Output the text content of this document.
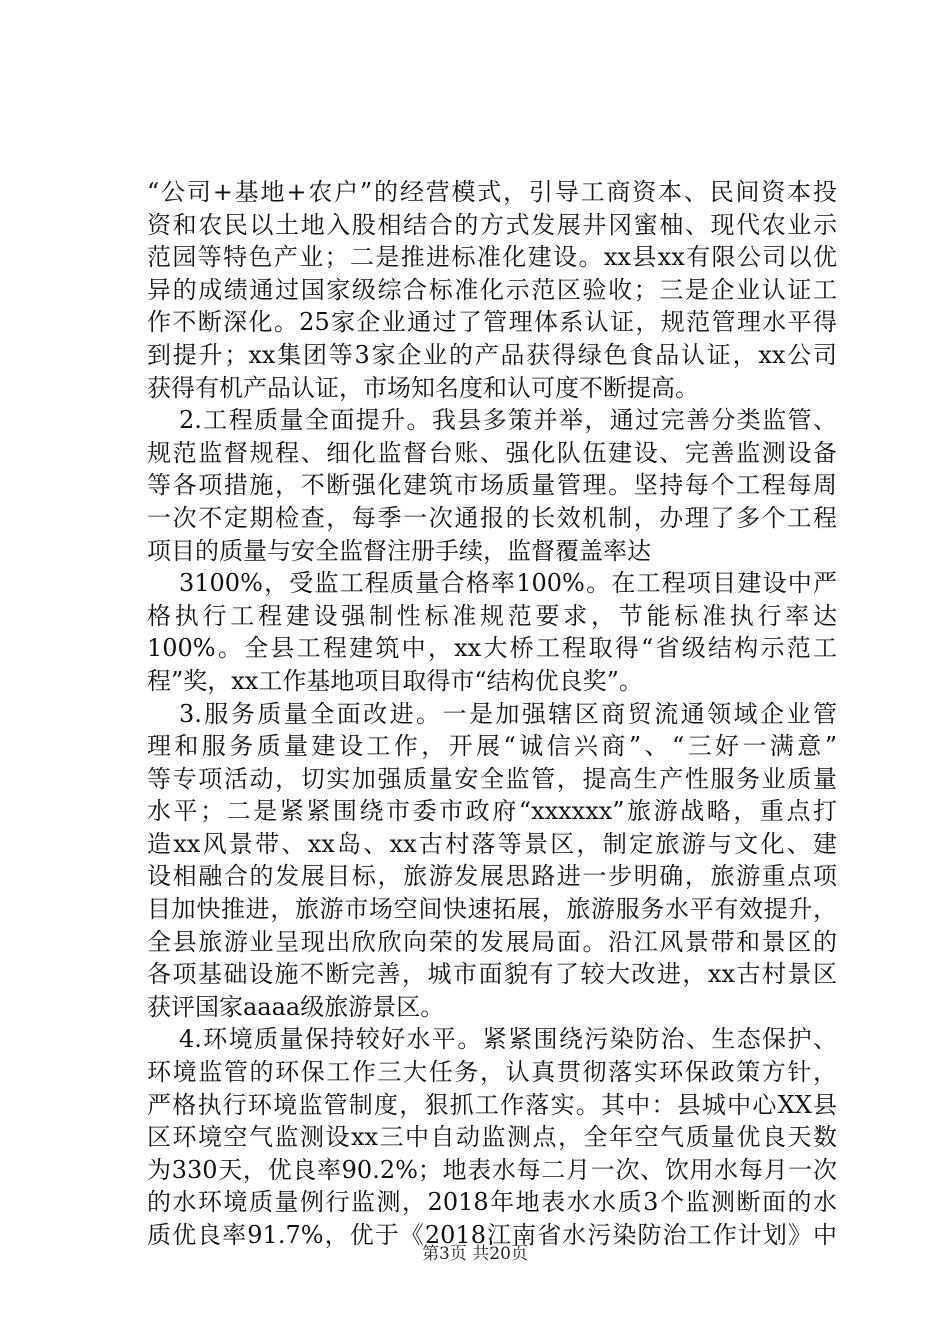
“公司+基地+农户”的经营模式，引导工商资本、民间资本投
资和农民以土地入股相结合的方式发展井冈蜜柚、现代农业示
范园等特色产业；二是推进标准化建设。xx县xx有限公司以优
异的成绩通过国家级综合标准化示范区验收；三是企业认证工
作不断深化。25家企业通过了管理体系认证，规范管理水平得
到提升；xx集团等3家企业的产品获得绿色食品认证，xx公司
获得有机产品认证，市场知名度和认可度不断提高。
2.工程质量全面提升。我县多策并举，通过完善分类监管、
规范监督规程、细化监督台账、强化队伍建设、完善监测设备
等各项措施，不断强化建筑市场质量管理。坚持每个工程每周
一次不定期检查，每季一次通报的长效机制，办理了多个工程
项目的质量与安全监督注册手续，监督覆盖率达
3100%，受监工程质量合格率100%。在工程项目建设中严
格执行工程建设强制性标准规范要求，节能标准执行率达
100%。全县工程建筑中，xx大桥工程取得“省级结构示范工
程”奖，xx工作基地项目取得市“结构优良奖”。
3.服务质量全面改进。一是加强辖区商贸流通领域企业管
理和服务质量建设工作，开展“诚信兴商”、“三好一满意”
等专项活动，切实加强质量安全监管，提高生产性服务业质量
水平；二是紧紧围绕市委市政府“xxxxxx”旅游战略，重点打
造xx风景带、xx岛、xx古村落等景区，制定旅游与文化、建
设相融合的发展目标，旅游发展思路进一步明确，旅游重点项
目加快推进，旅游市场空间快速拓展，旅游服务水平有效提升，
全县旅游业呈现出欣欣向荣的发展局面。沿江风景带和景区的
各项基础设施不断完善，城市面貌有了较大改进，xx古村景区
获评国家aaaa级旅游景区。
4.环境质量保持较好水平。紧紧围绕污染防治、生态保护、
环境监管的环保工作三大任务，认真贯彻落实环保政策方针，
严格执行环境监管制度，狠抓工作落实。其中：县城中心XX县
区环境空气监测设xx三中自动监测点，全年空气质量优良天数
为330天，优良率90.2%；地表水每二月一次、饮用水每月一次
的水环境质量例行监测，2018年地表水水质3个监测断面的水
质优良率91.7%，优于《2018江南省水污染防治工作计划》中
第3页 共20页
